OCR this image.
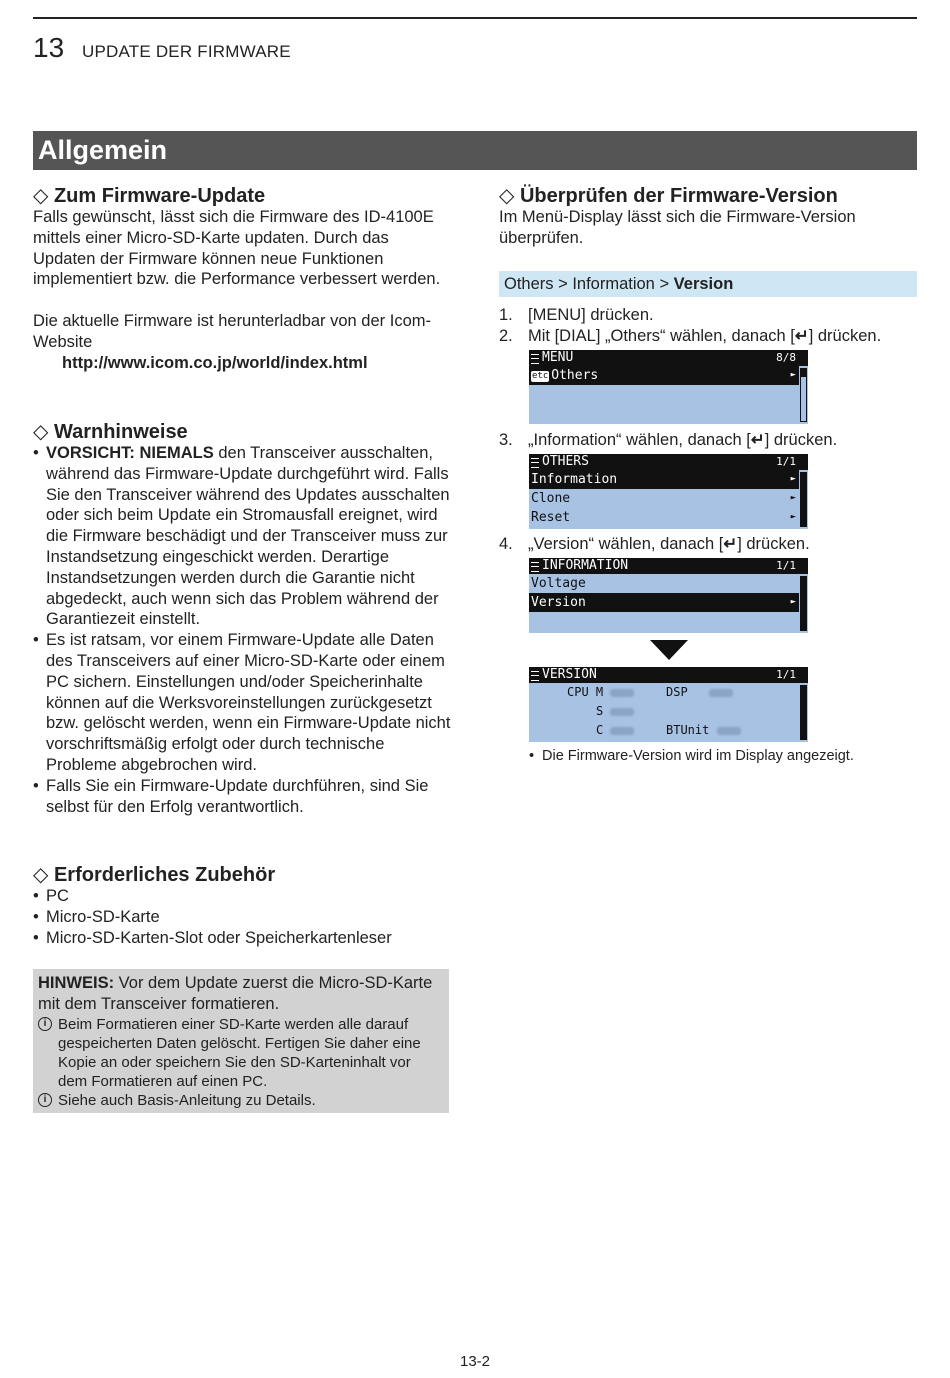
13 UPDATE DER FIRMWARE
Allgemein
◇ Zum Firmware-Update

Falls gewünscht, lässt sich die Firmware des ID-4100E mittels einer Micro-SD-Karte updaten. Durch das Updaten der Firmware können neue Funktionen implementiert bzw. die Performance verbessert werden.

Die aktuelle Firmware ist herunterladbar von der Icom-Website

http://www.icom.co.jp/world/index.html

◇ Warnhinweise
• VORSICHT: NIEMALS den Transceiver ausschalten, während das Firmware-Update durchgeführt wird. Falls Sie den Transceiver während des Updates ausschalten oder sich beim Update ein Stromausfall ereignet, wird die Firmware beschädigt und der Transceiver muss zur Instandsetzung eingeschickt werden. Derartige Instandsetzungen werden durch die Garantie nicht abgedeckt, auch wenn sich das Problem während der Garantiezeit einstellt.
• Es ist ratsam, vor einem Firmware-Update alle Daten des Transceivers auf einer Micro-SD-Karte oder einem PC sichern. Einstellungen und/oder Speicherinhalte können auf die Werksvoreinstellungen zurückgesetzt bzw. gelöscht werden, wenn ein Firmware-Update nicht vorschriftsmäßig erfolgt oder durch technische Probleme abgebrochen wird.
• Falls Sie ein Firmware-Update durchführen, sind Sie selbst für den Erfolg verantwortlich.
◇ Erforderliches Zubehör
• PC
• Micro-SD-Karte
• Micro-SD-Karten-Slot oder Speicherkartenleser

HINWEIS: Vor dem Update zuerst die Micro-SD-Karte mit dem Transceiver formatieren.

i Beim Formatieren einer SD-Karte werden alle darauf gespeicherten Daten gelöscht. Fertigen Sie daher eine Kopie an oder speichern Sie den SD-Karteninhalt vor dem Formatieren auf einen PC.
i Siehe auch Basis-Anleitung zu Details.
◇ Überprüfen der Firmware-Version

Im Menü-Display lässt sich die Firmware-Version überprüfen.

Others > Information > Version
1. [MENU] drücken.
2. Mit [DIAL] „Others“ wählen, danach [↵] drücken.
MENU	8/8
etc Others	►
3. „Information“ wählen, danach [↵] drücken.
OTHERS	1/1
Information	►
Clone	►
Reset	►
4. „Version“ wählen, danach [↵] drücken.
INFORMATION	1/1
Voltage
Version	►
VERSION	1/1
CPU M	DSP
S
C	BTUnit
• Die Firmware-Version wird im Display angezeigt.
13-2
